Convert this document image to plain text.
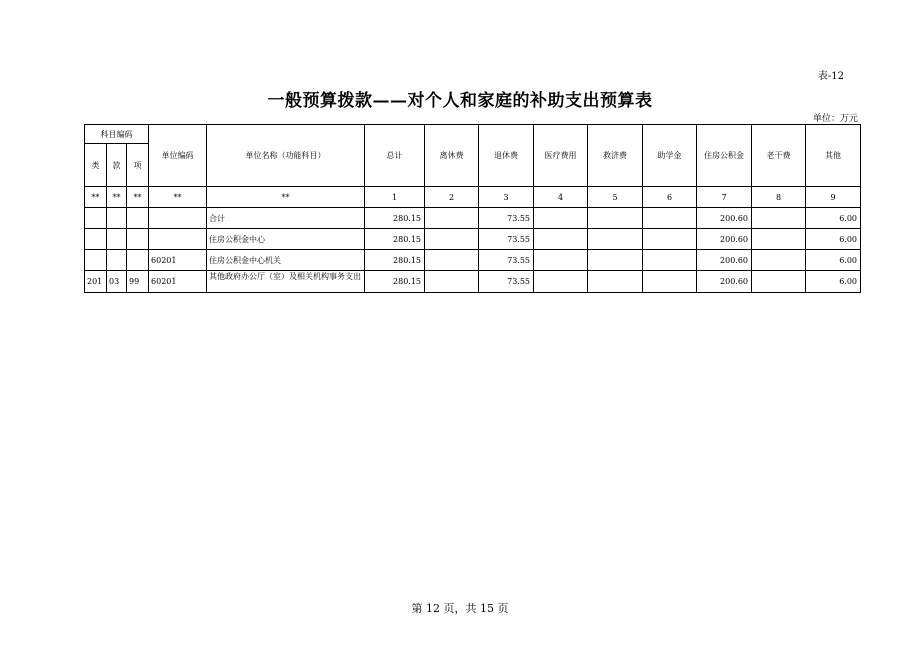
表-12
一般预算拨款——对个人和家庭的补助支出预算表
单位：万元
科目编码			单位编码	单位名称（功能科目）	总计	离休费	退休费	医疗费用	救济费	助学金	住房公积金	老干费	其他
类	款	项											
**	**	**	**	**	1	2	3	4	5	6	7	8	9
				合计	280.15		73.55				200.60		6.00
				住房公积金中心	280.15		73.55				200.60		6.00
			60201	住房公积金中心机关	280.15		73.55				200.60		6.00
201	03	99	60201	其他政府办公厅（室）及相关机构事务支出	280.15		73.55				200.60		6.00
第 12 页，共 15 页
